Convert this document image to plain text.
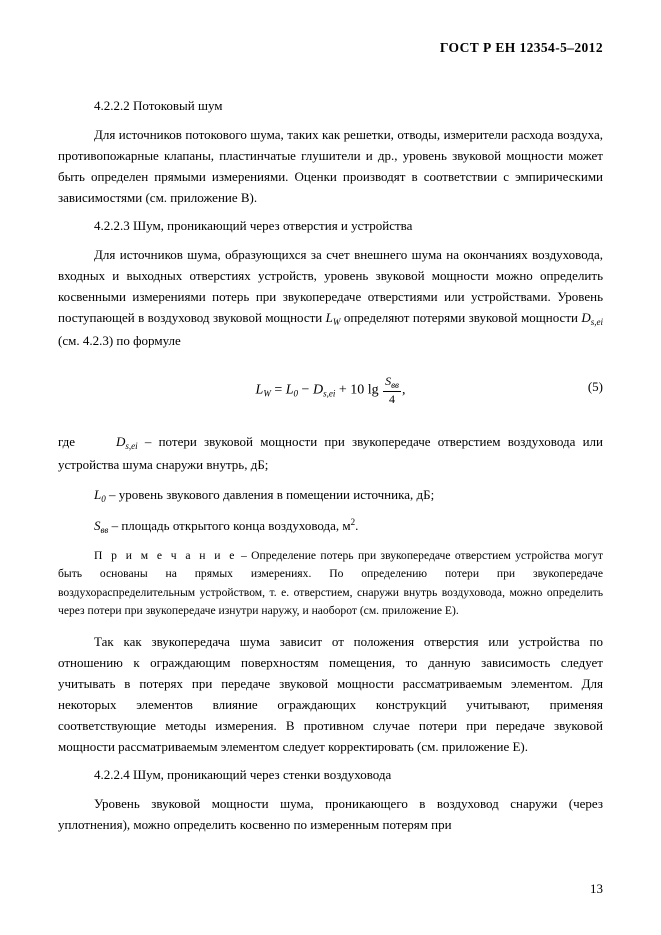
ГОСТ Р ЕН 12354-5–2012
4.2.2.2 Потоковый шум

Для источников потокового шума, таких как решетки, отводы, измерители расхода воздуха, противопожарные клапаны, пластинчатые глушители и др., уровень звуковой мощности может быть определен прямыми измерениями. Оценки производят в соответствии с эмпирическими зависимостями (см. приложение В).

4.2.2.3 Шум, проникающий через отверстия и устройства

Для источников шума, образующихся за счет внешнего шума на окончаниях воздуховода, входных и выходных отверстиях устройств, уровень звуковой мощности можно определить косвенными измерениями потерь при звукопередаче отверстиями или устройствами. Уровень поступающей в воздуховод звуковой мощности $L_W$ определяют потерями звуковой мощности $D_{s,ei}$ (см. 4.2.3) по формуле

$L_W = L_0 - D_{s,ei} + 10$ $\lg \frac{S_{вв}}{4}$ ,	(5)
где	$D_{s,ei}$ – потери звуковой мощности при звукопередаче отверстием воздуховода или устройства шума снаружи внутрь, дБ;
$L_0$ – уровень звукового давления в помещении источника, дБ;
$S_{вв}$ – площадь открытого конца воздуховода, $м^2$.

П р и м е ч а н и е – Определение потерь при звукопередаче отверстием устройства могут быть основаны на прямых измерениях. По определению потери при звукопередаче воздухораспределительным устройством, т. е. отверстием, снаружи внутрь воздуховода, можно определить через потери при звукопередаче изнутри наружу, и наоборот (см. приложение Е).

Так как звукопередача шума зависит от положения отверстия или устройства по отношению к ограждающим поверхностям помещения, то данную зависимость следует учитывать в потерях при передаче звуковой мощности рассматриваемым элементом. Для некоторых элементов влияние ограждающих конструкций учитывают, применяя соответствующие методы измерения. В противном случае потери при передаче звуковой мощности рассматриваемым элементом следует корректировать (см. приложение Е).

4.2.2.4 Шум, проникающий через стенки воздуховода

Уровень звуковой мощности шума, проникающего в воздуховод снаружи (через уплотнения), можно определить косвенно по измеренным потерям при

13
